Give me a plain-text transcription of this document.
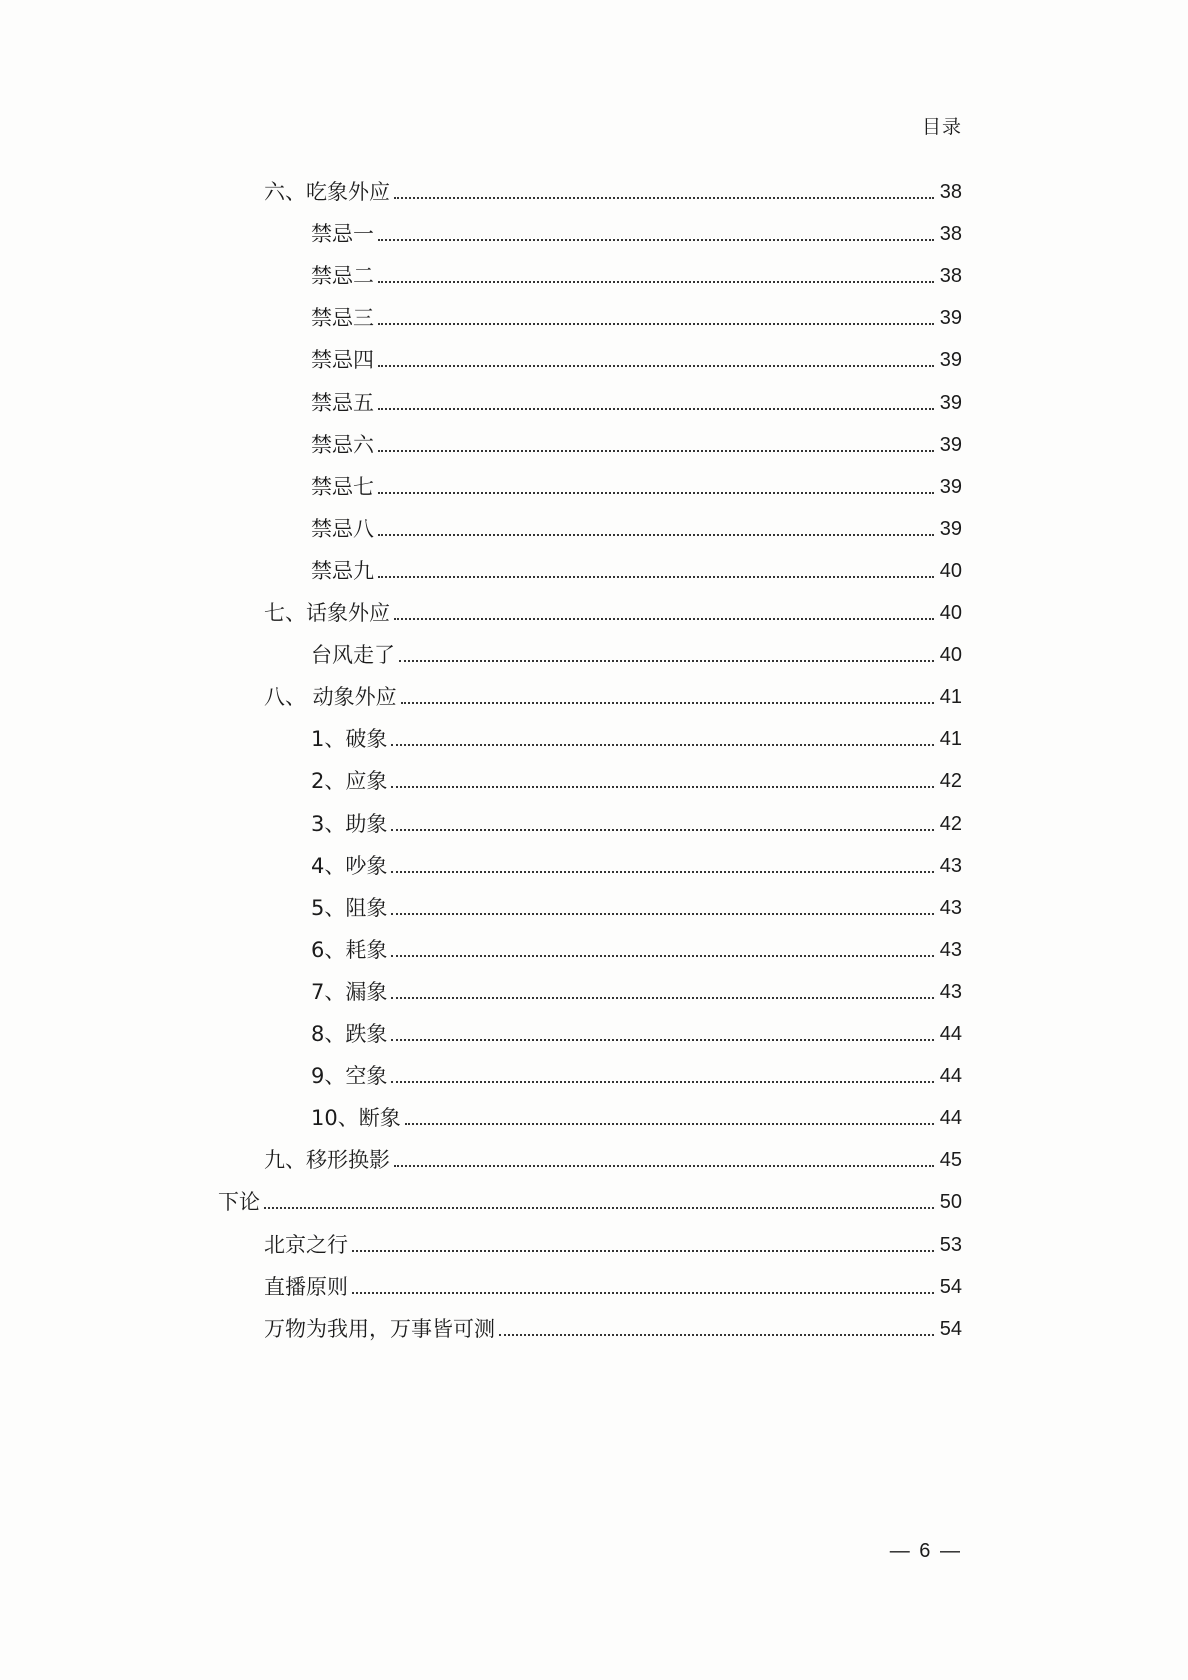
目录
六、吃象外应	38
禁忌一	38
禁忌二	38
禁忌三	39
禁忌四	39
禁忌五	39
禁忌六	39
禁忌七	39
禁忌八	39
禁忌九	40
七、话象外应	40
台风走了	40
八、 动象外应	41
1、破象	41
2、应象	42
3、助象	42
4、吵象	43
5、阻象	43
6、耗象	43
7、漏象	43
8、跌象	44
9、空象	44
10、断象	44
九、移形换影	45
下论	50
北京之行	53
直播原则	54
万物为我用，万事皆可测	54
— 6 —
